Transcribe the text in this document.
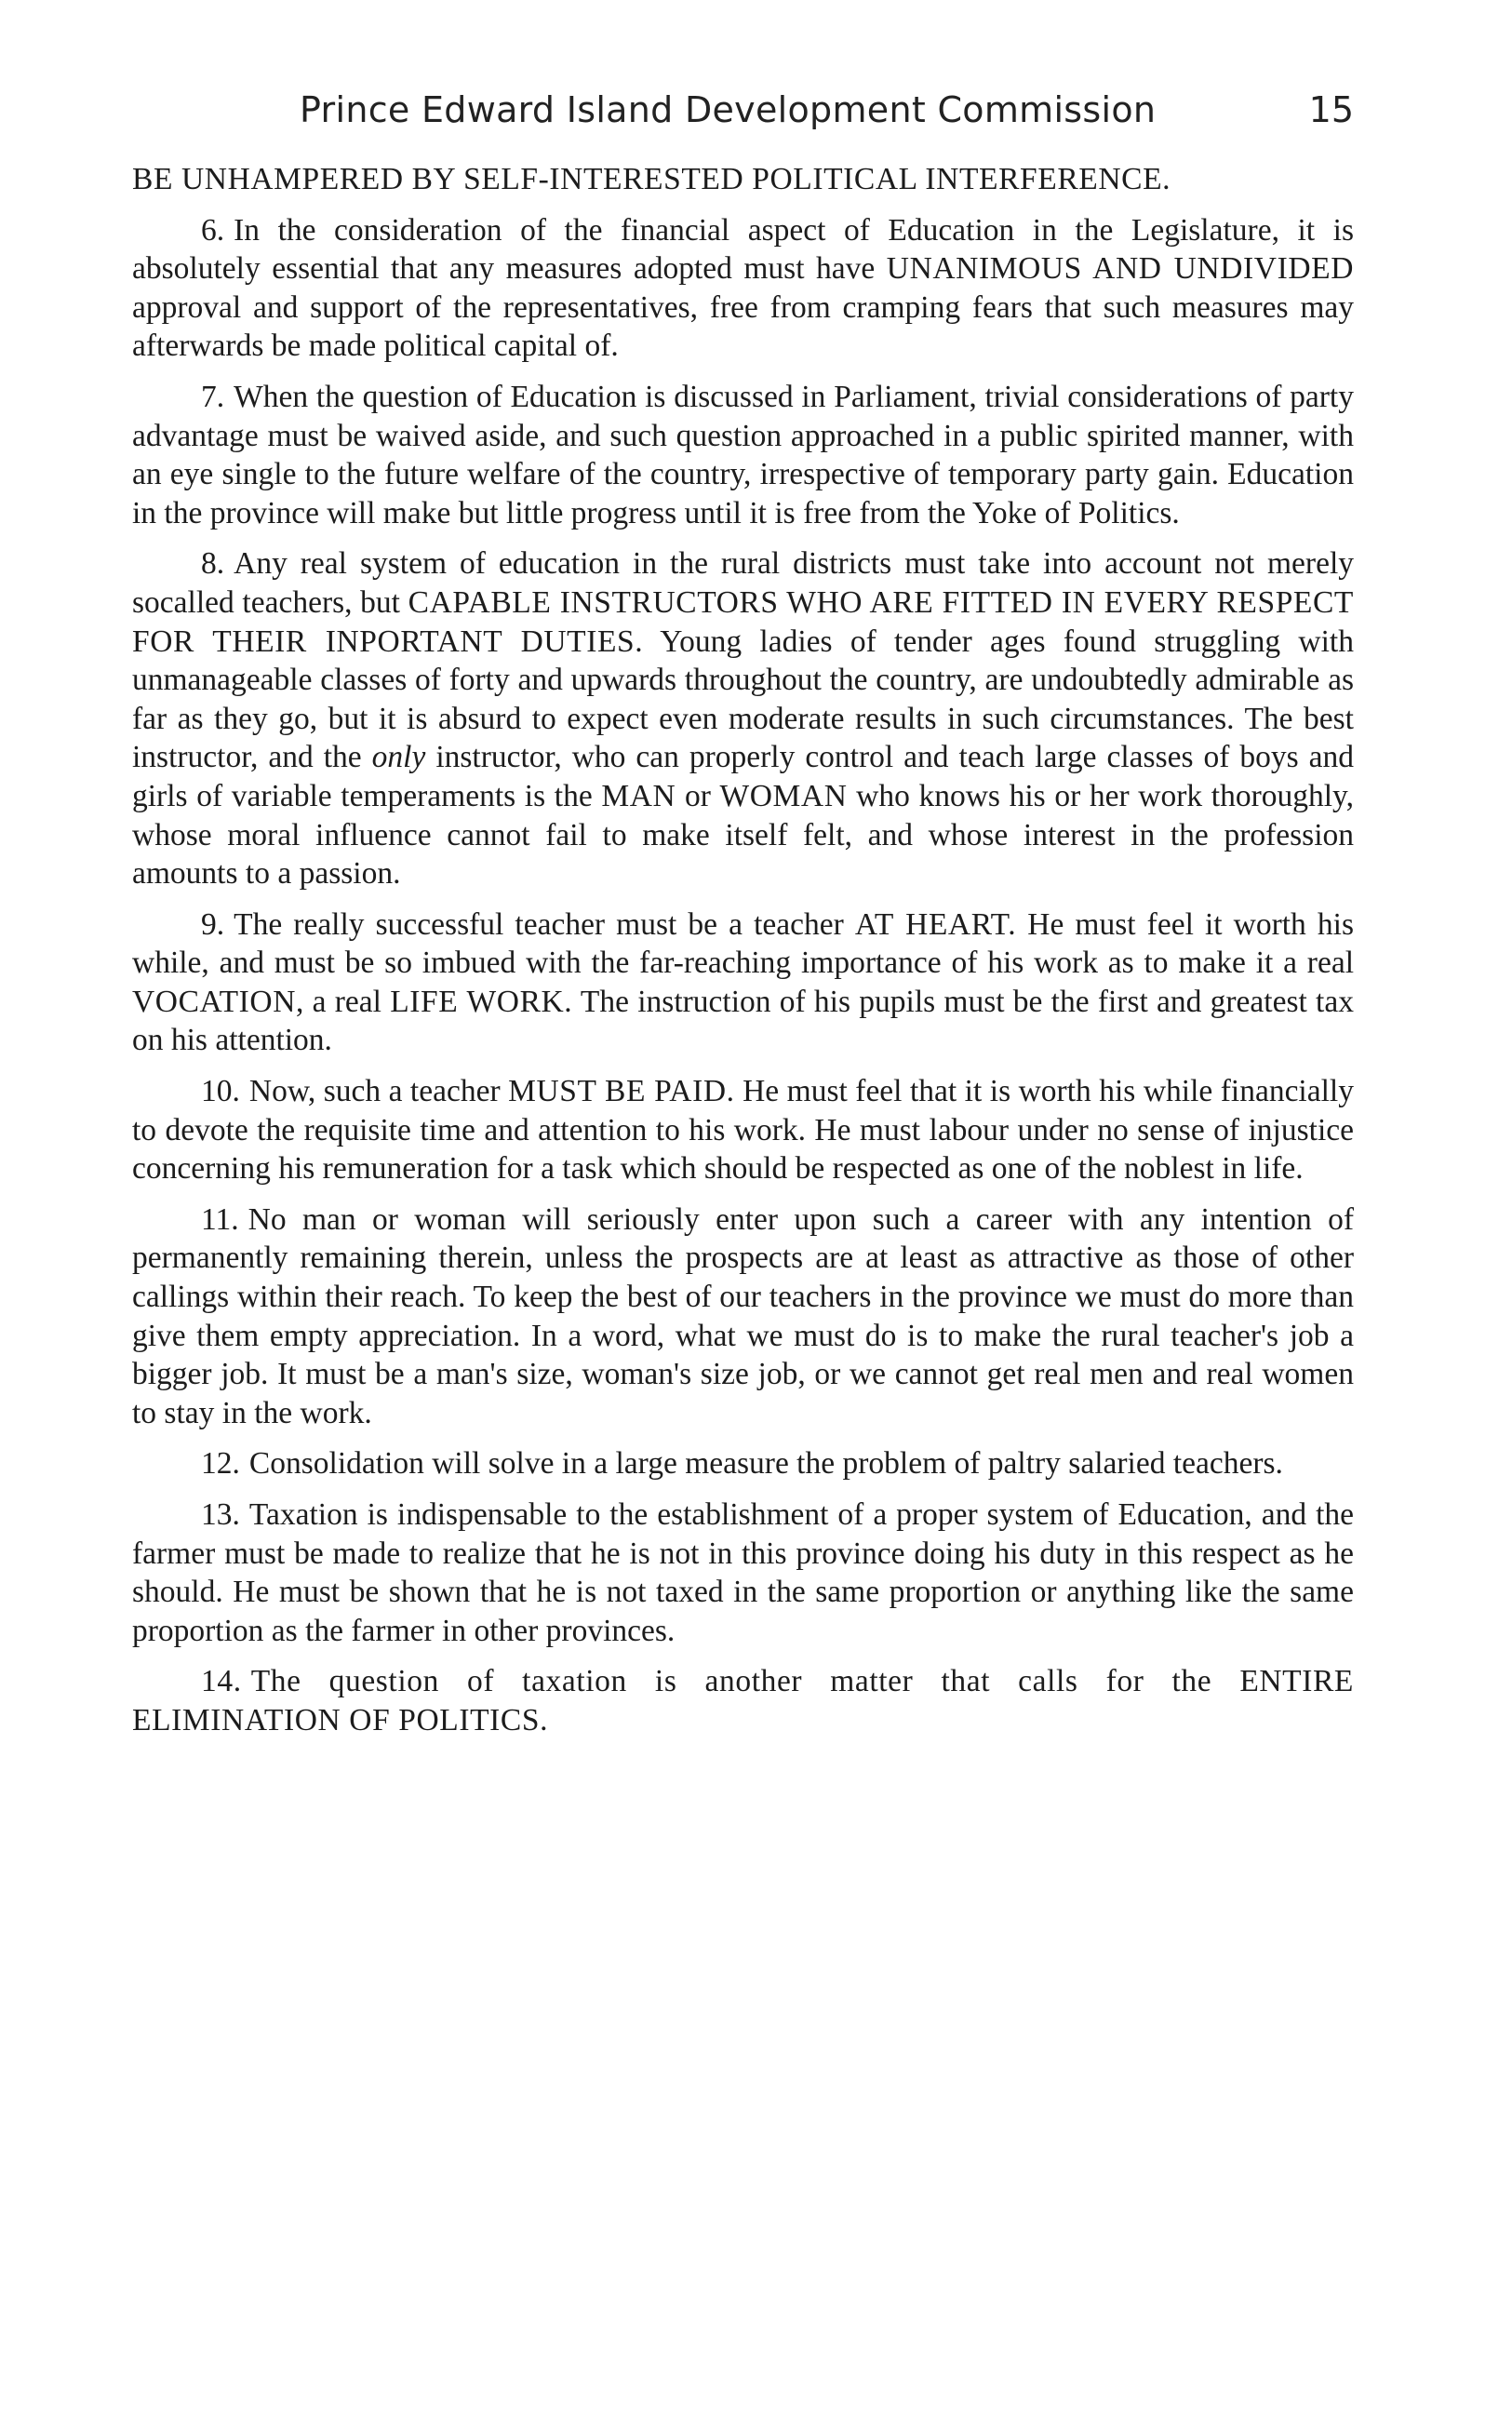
Prince Edward Island Development Commission	15

BE UNHAMPERED BY SELF-INTERESTED POLITICAL INTERFERENCE.

6. In the consideration of the financial aspect of Education in the Legislature, it is absolutely essential that any measures adopted must have UNANIMOUS AND UNDIVIDED approval and support of the representatives, free from cramping fears that such measures may afterwards be made political capital of.

7. When the question of Education is discussed in Parliament, trivial considerations of party advantage must be waived aside, and such question approached in a public spirited manner, with an eye single to the future welfare of the country, irrespective of temporary party gain. Education in the province will make but little progress until it is free from the Yoke of Politics.

8. Any real system of education in the rural districts must take into account not merely socalled teachers, but CAPABLE INSTRUCTORS WHO ARE FITTED IN EVERY RESPECT FOR THEIR INPORTANT DUTIES. Young ladies of tender ages found struggling with unmanageable classes of forty and upwards throughout the country, are undoubtedly admirable as far as they go, but it is absurd to expect even moderate results in such circumstances. The best instructor, and the only instructor, who can properly control and teach large classes of boys and girls of variable temperaments is the MAN or WOMAN who knows his or her work thoroughly, whose moral influence cannot fail to make itself felt, and whose interest in the profession amounts to a passion.

9. The really successful teacher must be a teacher AT HEART. He must feel it worth his while, and must be so imbued with the far-reaching importance of his work as to make it a real VOCATION, a real LIFE WORK. The instruction of his pupils must be the first and greatest tax on his attention.

10. Now, such a teacher MUST BE PAID. He must feel that it is worth his while financially to devote the requisite time and attention to his work. He must labour under no sense of injustice concerning his remuneration for a task which should be respected as one of the noblest in life.

11. No man or woman will seriously enter upon such a career with any intention of permanently remaining therein, unless the prospects are at least as attractive as those of other callings within their reach. To keep the best of our teachers in the province we must do more than give them empty appreciation. In a word, what we must do is to make the rural teacher's job a bigger job. It must be a man's size, woman's size job, or we cannot get real men and real women to stay in the work.

12. Consolidation will solve in a large measure the problem of paltry salaried teachers.

13. Taxation is indispensable to the establishment of a proper system of Education, and the farmer must be made to realize that he is not in this province doing his duty in this respect as he should. He must be shown that he is not taxed in the same proportion or anything like the same proportion as the farmer in other provinces.

14. The question of taxation is another matter that calls for the ENTIRE ELIMINATION OF POLITICS.
